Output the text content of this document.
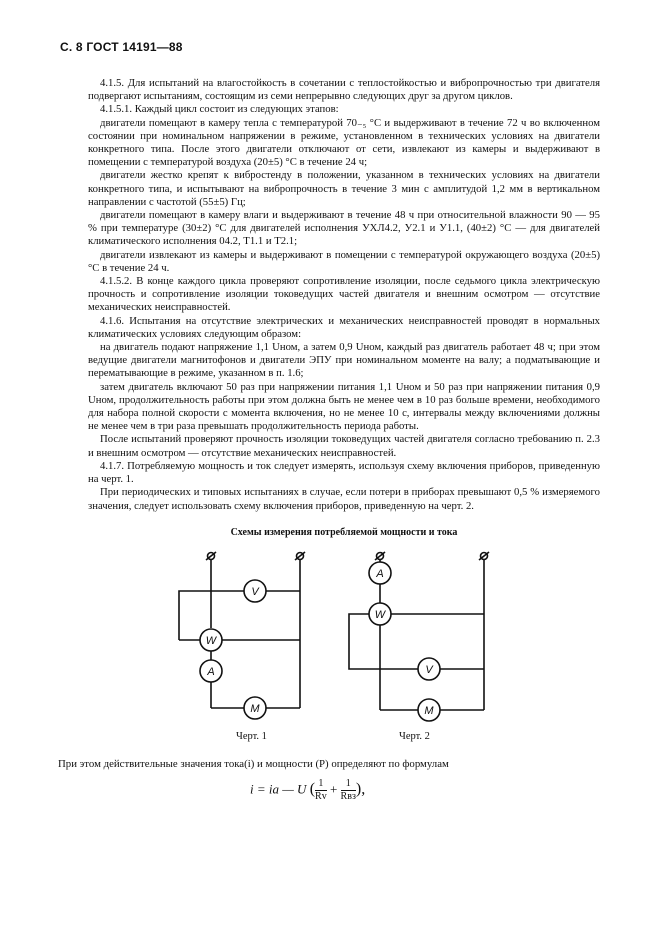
С. 8 ГОСТ 14191—88

4.1.5. Для испытаний на влагостойкость в сочетании с теплостойкостью и вибропрочностью три двигателя подвергают испытаниям, состоящим из семи непрерывно следующих друг за другом циклов.

4.1.5.1. Каждый цикл состоит из следующих этапов:

двигатели помещают в камеру тепла с температурой 70₋₅ °С и выдерживают в течение 72 ч во включенном состоянии при номинальном напряжении в режиме, установленном в технических условиях на двигатели конкретного типа. После этого двигатели отключают от сети, извлекают из камеры и выдерживают в помещении с температурой воздуха (20±5) °С в течение 24 ч;

двигатели жестко крепят к вибростенду в положении, указанном в технических условиях на двигатели конкретного типа, и испытывают на вибропрочность в течение 3 мин с амплитудой 1,2 мм в вертикальном направлении с частотой (55±5) Гц;

двигатели помещают в камеру влаги и выдерживают в течение 48 ч при относительной влажности 90 — 95 % при температуре (30±2) °С для двигателей исполнения УХЛ4.2, У2.1 и У1.1, (40±2) °С — для двигателей климатического исполнения 04.2, Т1.1 и Т2.1;

двигатели извлекают из камеры и выдерживают в помещении с температурой окружающего воздуха (20±5) °С в течение 24 ч.

4.1.5.2. В конце каждого цикла проверяют сопротивление изоляции, после седьмого цикла электрическую прочность и сопротивление изоляции токоведущих частей двигателя и внешним осмотром — отсутствие механических неисправностей.

4.1.6. Испытания на отсутствие электрических и механических неисправностей проводят в нормальных климатических условиях следующим образом:

на двигатель подают напряжение 1,1 Uном, а затем 0,9 Uном, каждый раз двигатель работает 48 ч; при этом ведущие двигатели магнитофонов и двигатели ЭПУ при номинальном моменте на валу; а подматывающие и перематывающие в режиме, указанном в п. 1.6;

затем двигатель включают 50 раз при напряжении питания 1,1 Uном и 50 раз при напряжении питания 0,9 Uном, продолжительность работы при этом должна быть не менее чем в 10 раз больше времени, необходимого для набора полной скорости с момента включения, но не менее 10 с, интервалы между включениями должны не менее чем в три раза превышать продолжительность периода работы.

После испытаний проверяют прочность изоляции токоведущих частей двигателя согласно требованию п. 2.3 и внешним осмотром — отсутствие механических неисправностей.

4.1.7. Потребляемую мощность и ток следует измерять, используя схему включения приборов, приведенную на черт. 1.

При периодических и типовых испытаниях в случае, если потери в приборах превышают 0,5 % измеряемого значения, следует использовать схему включения приборов, приведенную на черт. 2.

Схемы измерения потребляемой мощности и тока
V
W
A
M
A
W
V
M
Черт. 1	Черт. 2
При этом действительные значения тока(i) и мощности (P) определяют по формулам
i = iа — U ( $\frac{1}{Rv} + \frac{1}{\text{Rвз}}$ ),
